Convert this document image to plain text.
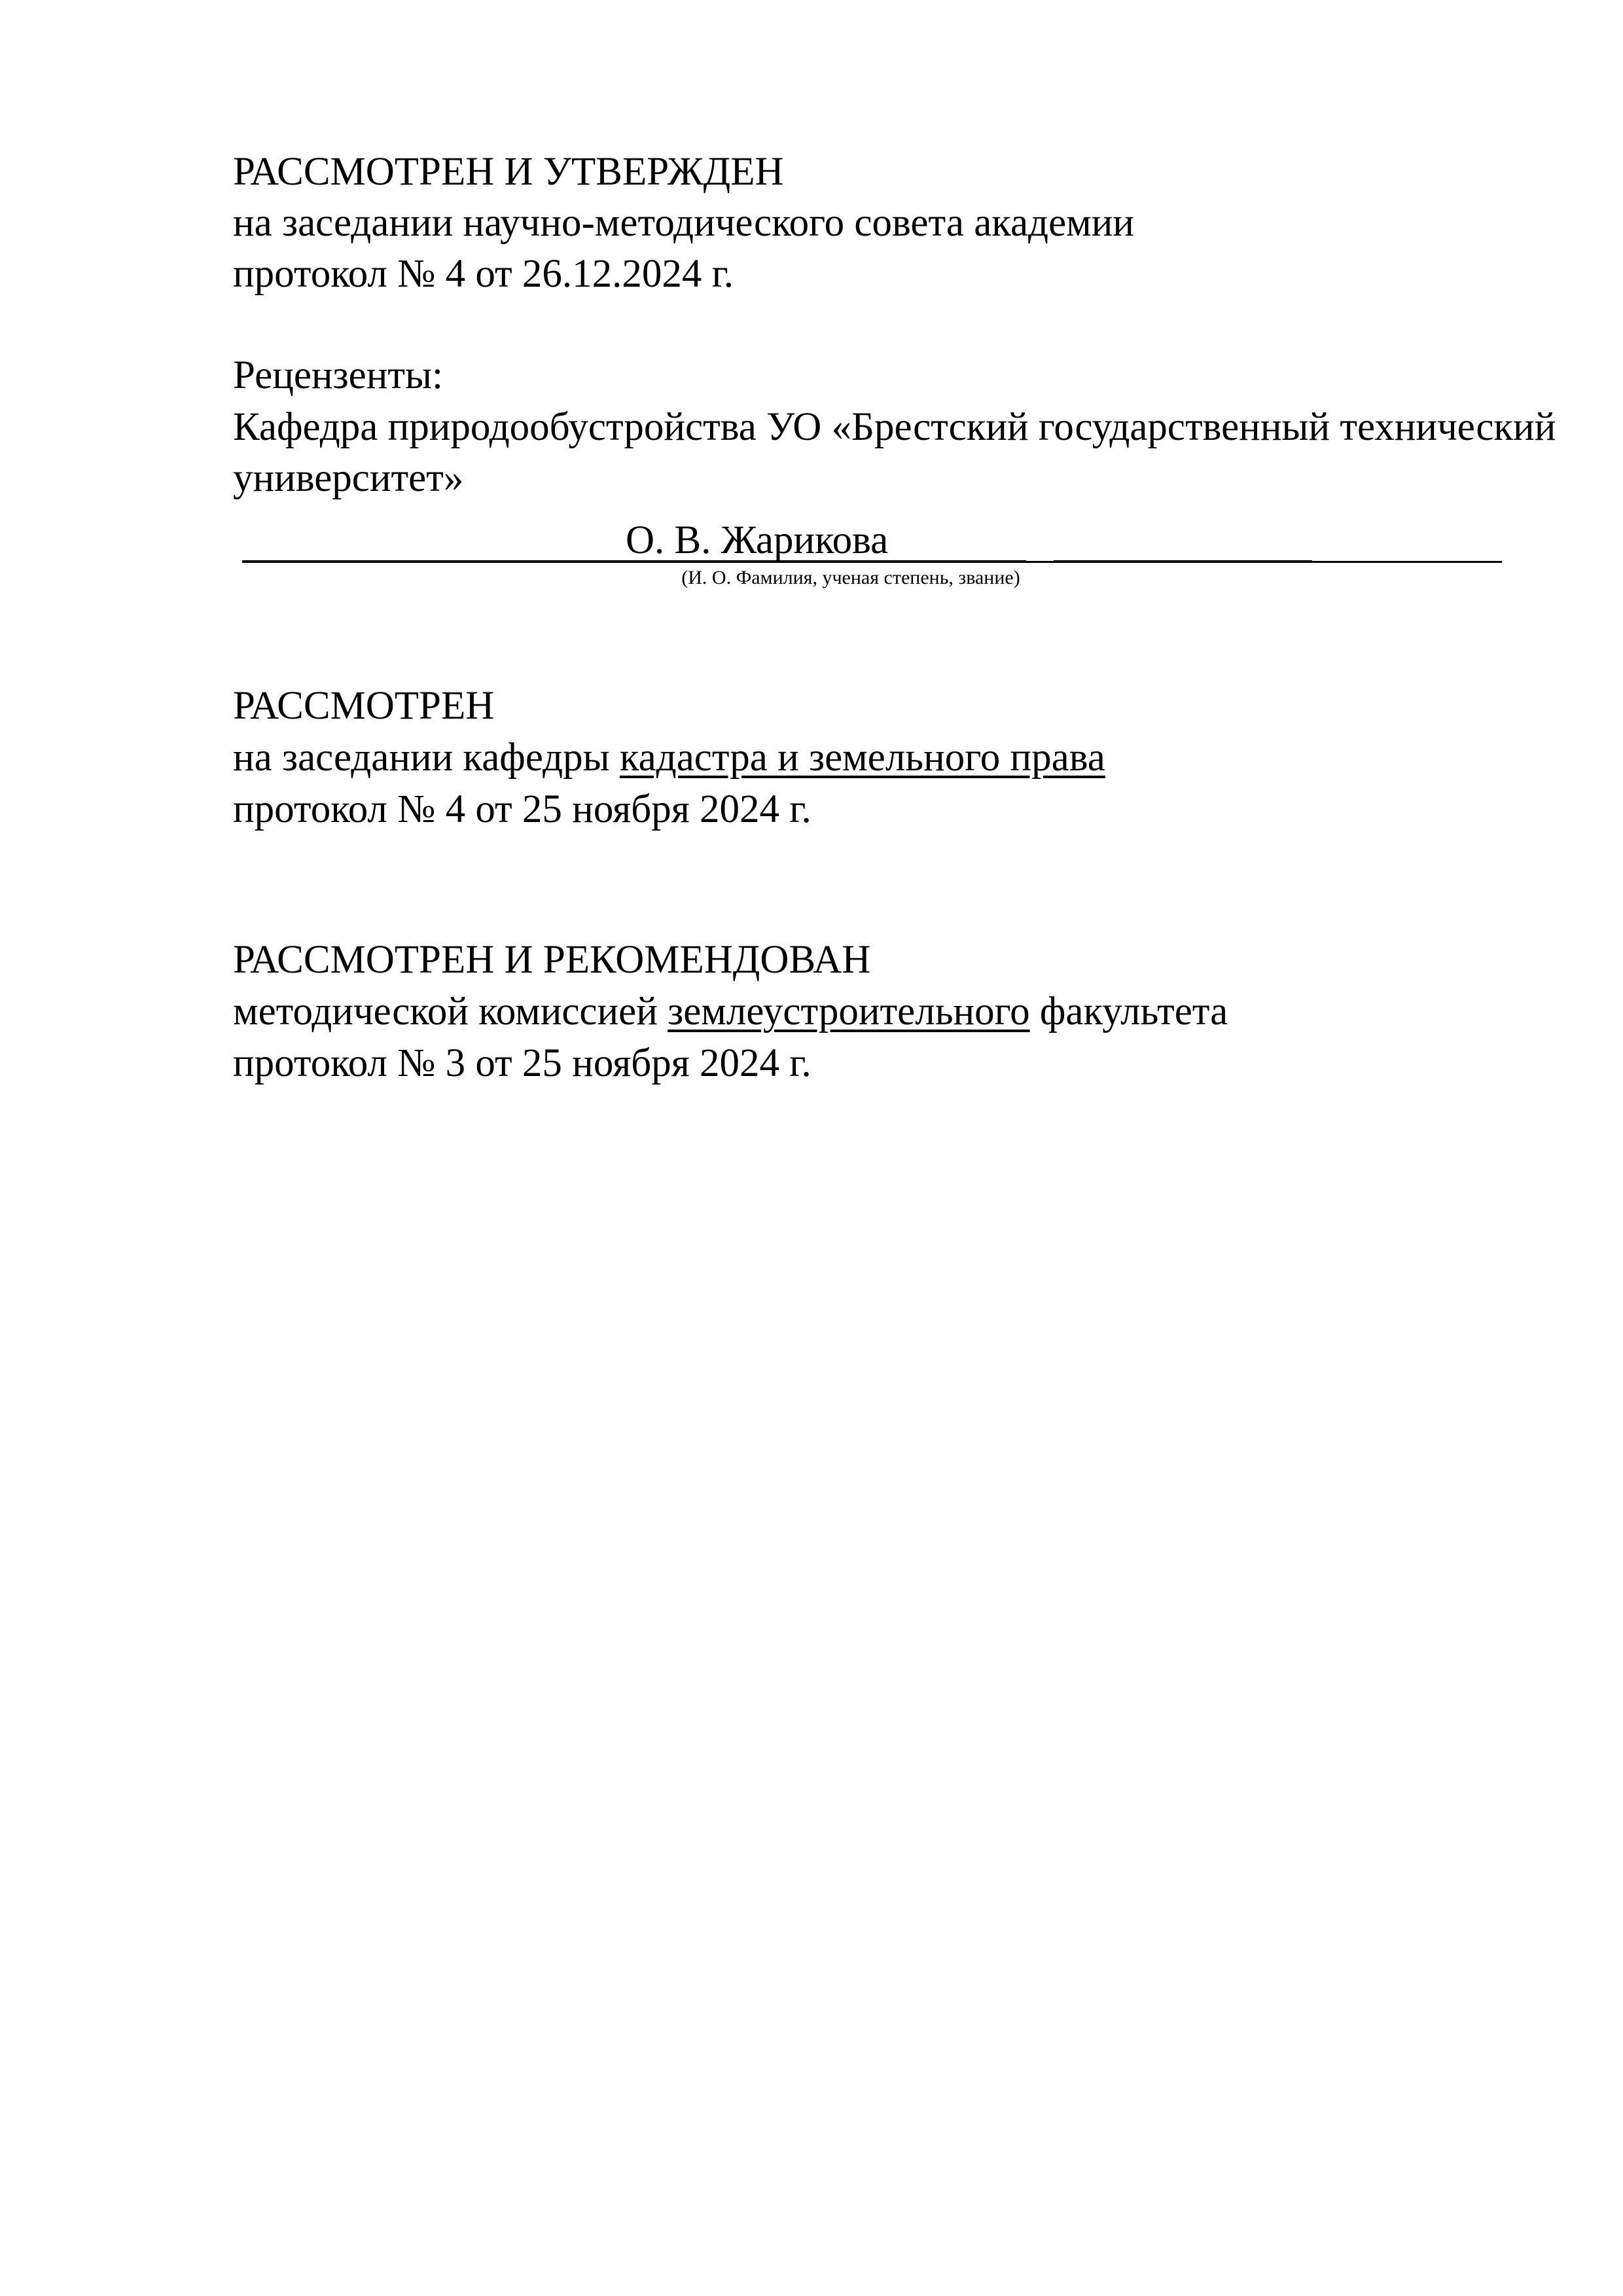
РАССМОТРЕН И УТВЕРЖДЕН
на заседании научно-методического совета академии
протокол № 4 от 26.12.2024 г.
Рецензенты:
Кафедра природообустройства УО «Брестский государственный технический
университет»
О. В. Жарикова
(И. О. Фамилия, ученая степень, звание)
РАССМОТРЕН
на заседании кафедры кадастра и земельного права
протокол № 4 от 25 ноября 2024 г.
РАССМОТРЕН И РЕКОМЕНДОВАН
методической комиссией землеустроительного факультета
протокол № 3 от 25 ноября 2024 г.
